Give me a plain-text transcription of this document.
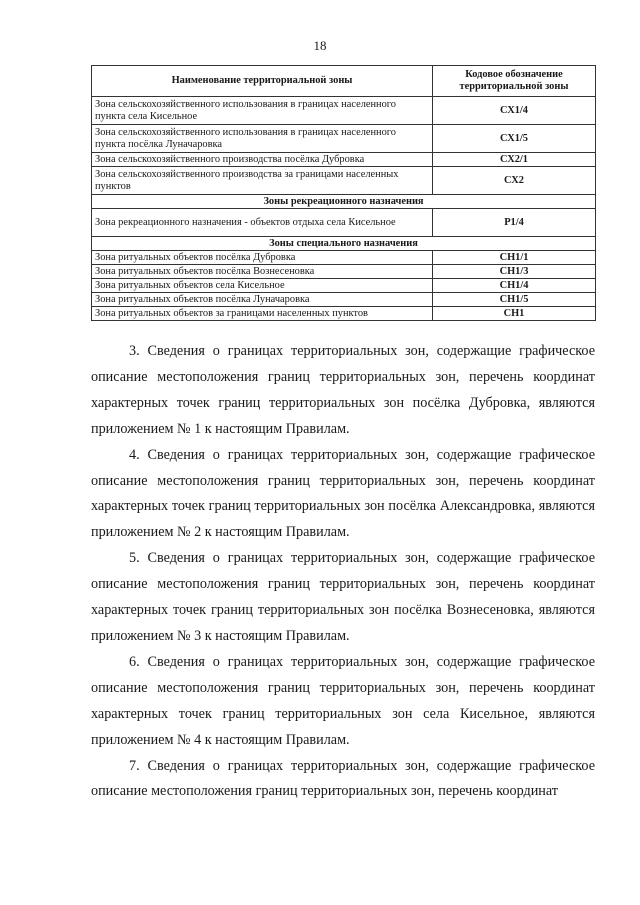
18
Наименование территориальной зоны	Кодовое обозначение территориальной зоны
Зона сельскохозяйственного использования в границах населенного пункта села Кисельное	СХ1/4
Зона сельскохозяйственного использования в границах населенного пункта посёлка Луначаровка	СХ1/5
Зона сельскохозяйственного производства посёлка Дубровка	СХ2/1
Зона сельскохозяйственного производства за границами населенных пунктов	СХ2
Зоны рекреационного назначения	
Зона рекреационного назначения - объектов отдыха села Кисельное	Р1/4
Зоны специального назначения	
Зона ритуальных объектов посёлка Дубровка	СН1/1
Зона ритуальных объектов посёлка Вознесеновка	СН1/3
Зона ритуальных объектов села Кисельное	СН1/4
Зона ритуальных объектов посёлка Луначаровка	СН1/5
Зона ритуальных объектов за границами населенных пунктов	СН1

3. Сведения о границах территориальных зон, содержащие графическое описание местоположения границ территориальных зон, перечень координат характерных точек границ территориальных зон посёлка Дубровка, являются приложением № 1 к настоящим Правилам.

4. Сведения о границах территориальных зон, содержащие графическое описание местоположения границ территориальных зон, перечень координат характерных точек границ территориальных зон посёлка Александровка, являются приложением № 2 к настоящим Правилам.

5. Сведения о границах территориальных зон, содержащие графическое описание местоположения границ территориальных зон, перечень координат характерных точек границ территориальных зон посёлка Вознесеновка, являются приложением № 3 к настоящим Правилам.

6. Сведения о границах территориальных зон, содержащие графическое описание местоположения границ территориальных зон, перечень координат характерных точек границ территориальных зон села Кисельное, являются приложением № 4 к настоящим Правилам.

7. Сведения о границах территориальных зон, содержащие графическое описание местоположения границ территориальных зон, перечень координат
